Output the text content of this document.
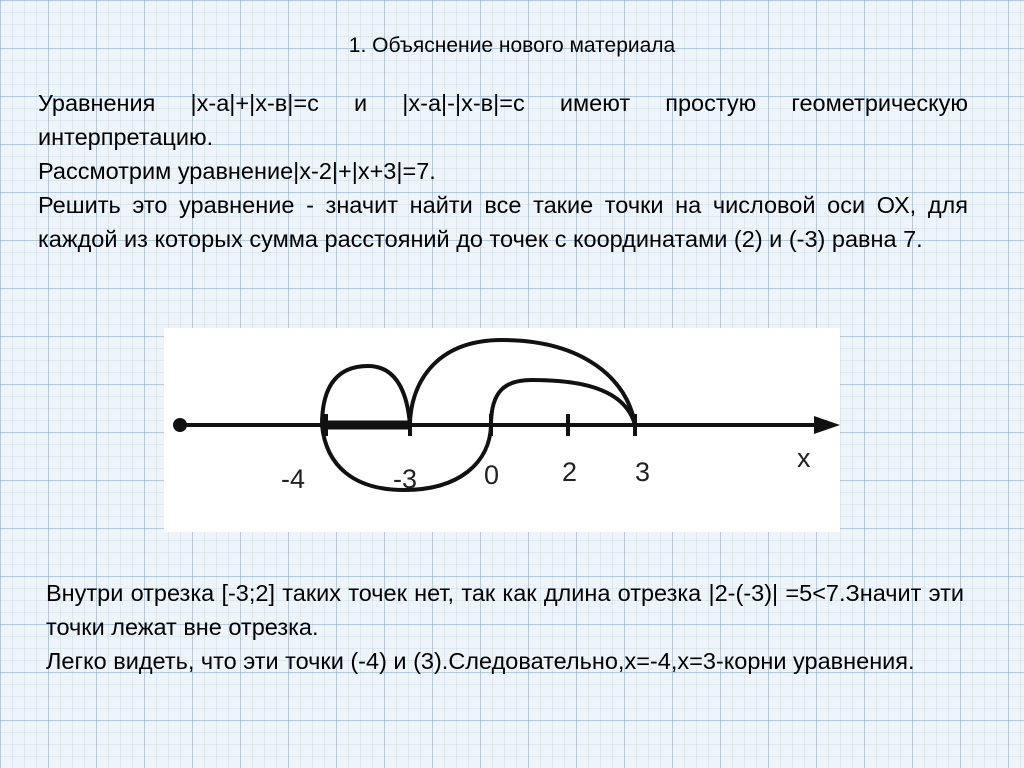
1. Объяснение нового материала

Уравнения |x-a|+|x-в|=c и |x-a|-|x-в|=c имеют простую геометрическую интерпретацию.

Рассмотрим уравнение|x-2|+|x+3|=7.

Решить это уравнение - значит найти все такие точки на числовой оси ОХ, для каждой из которых сумма расстояний до точек с координатами (2) и (-3) равна 7.

-4	-3 0 2 3	x

Внутри отрезка [-3;2] таких точек нет, так как длина отрезка |2-(-3)| =5<7.Значит эти точки лежат вне отрезка.

Легко видеть, что эти точки (-4) и (3).Следовательно,x=-4,x=3-корни уравнения.
